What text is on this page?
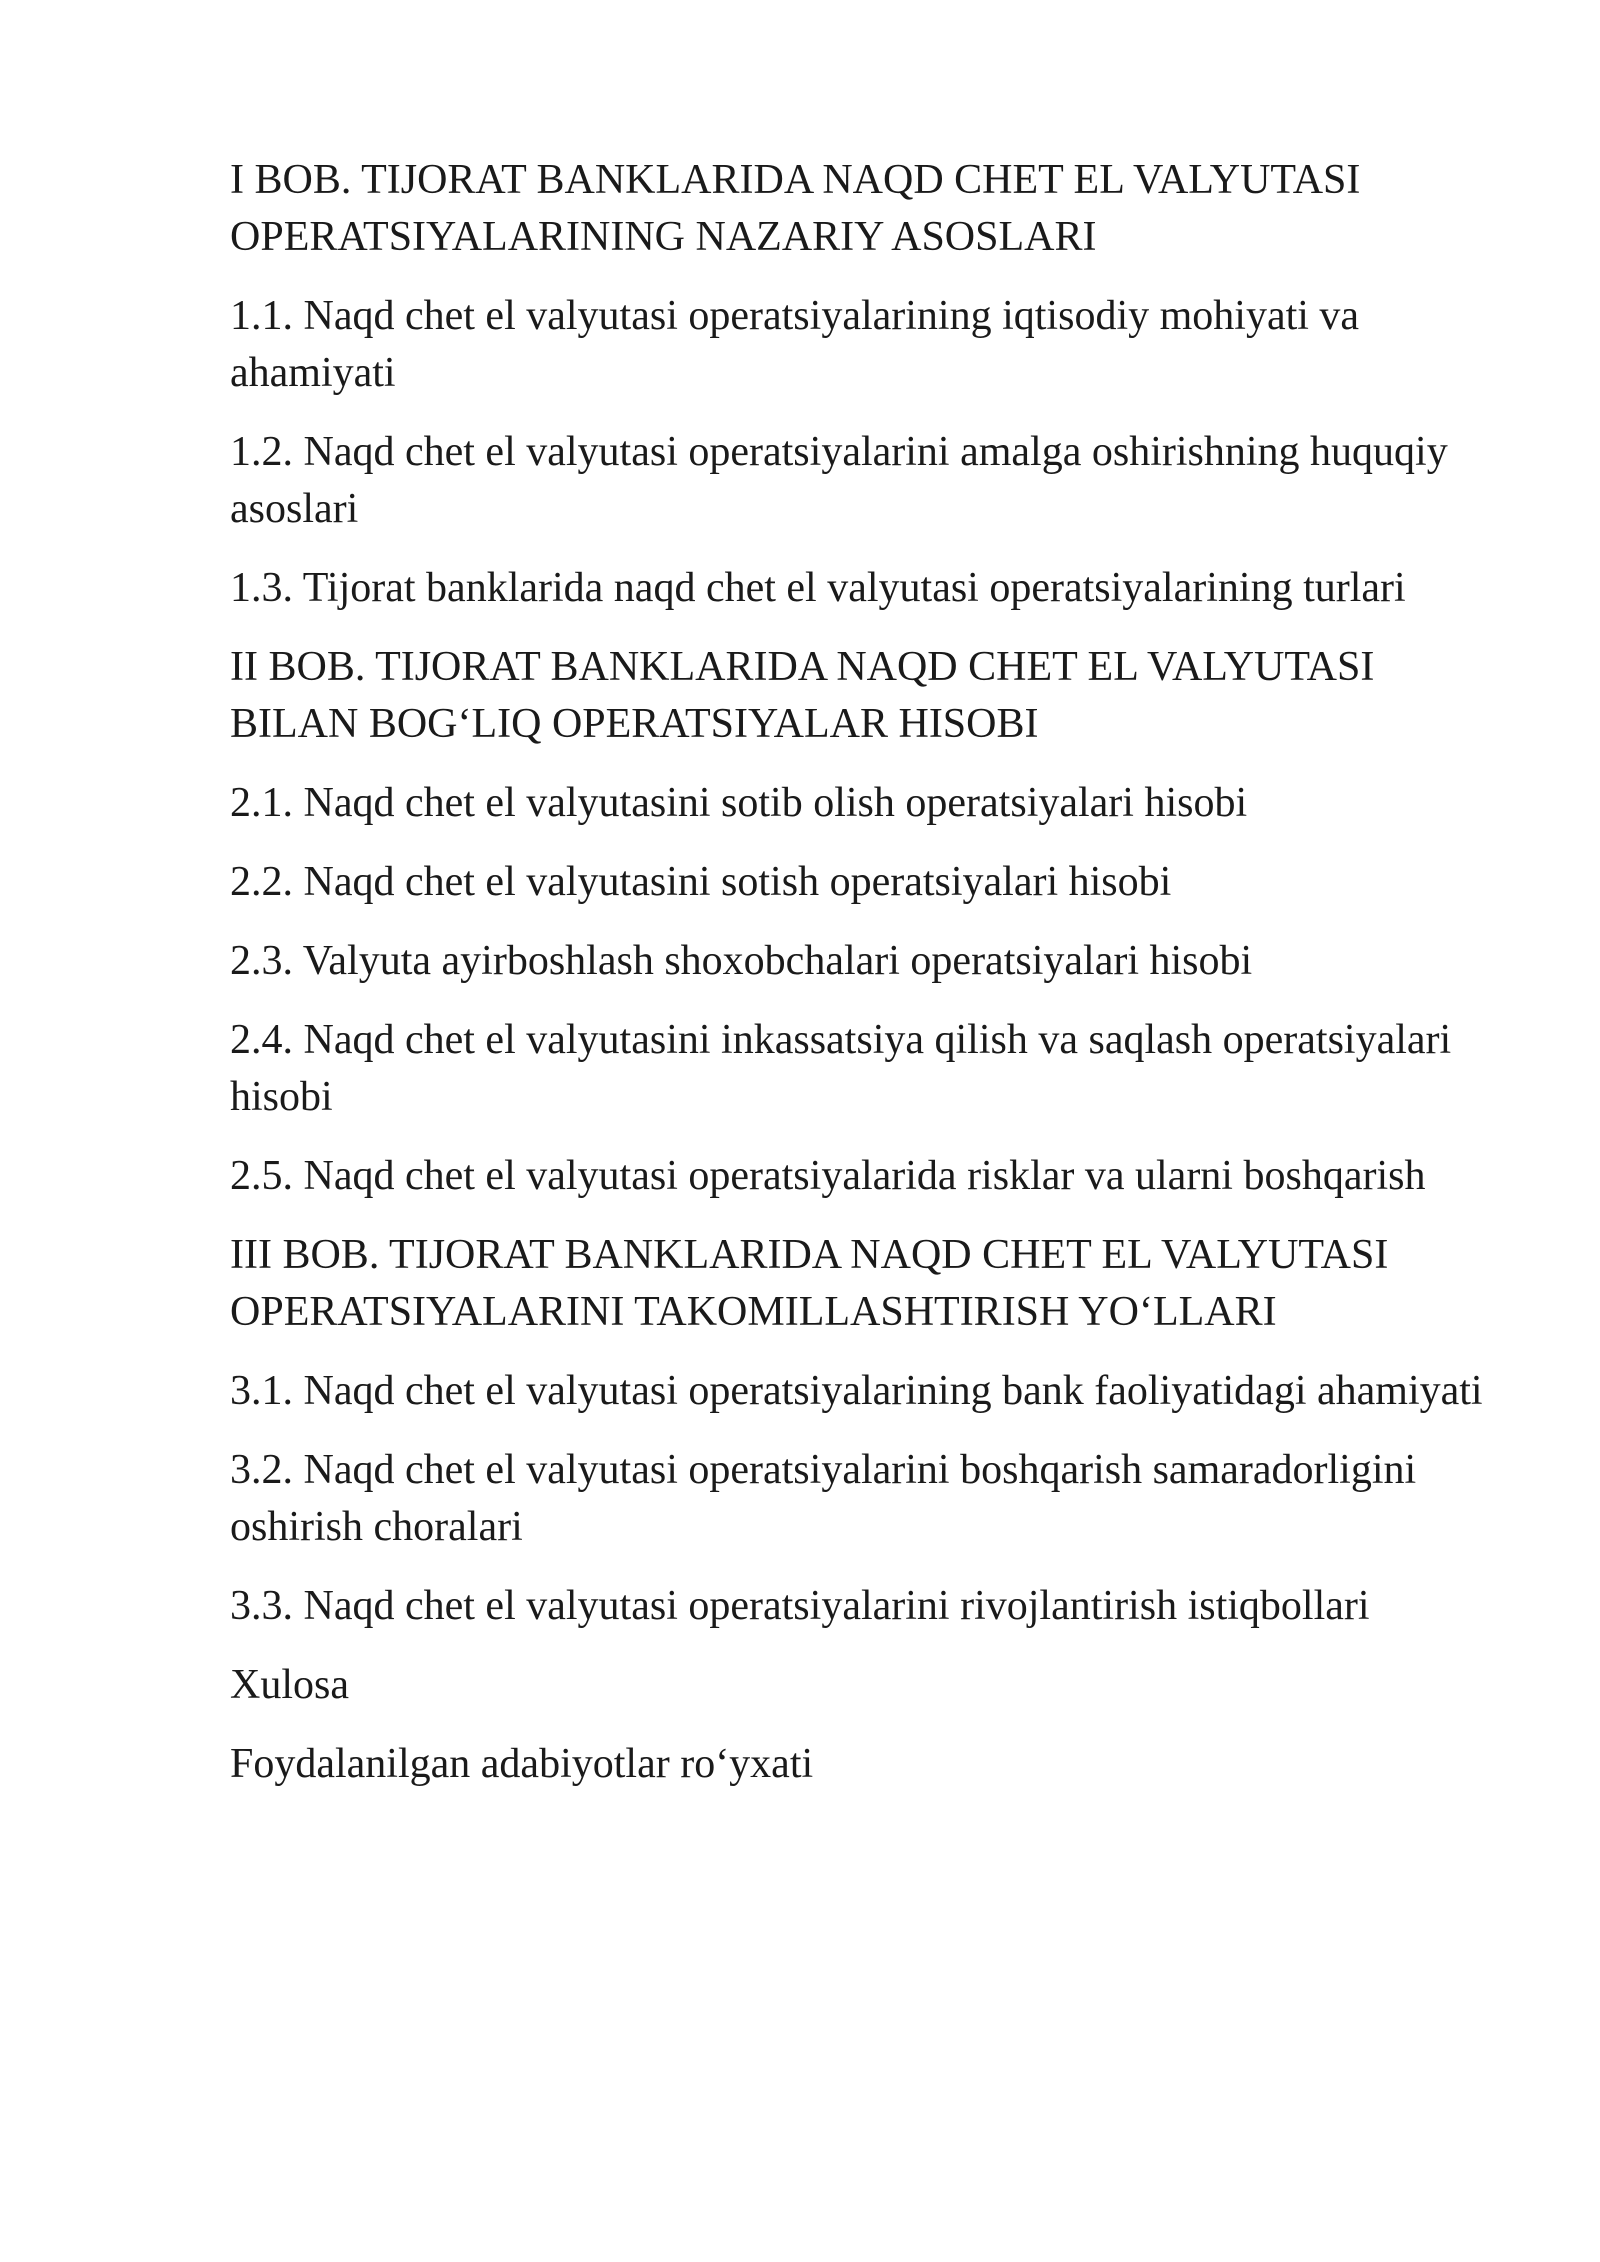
I BOB. TIJORAT BANKLARIDA NAQD CHET EL VALYUTASI OPERATSIYALARINING NAZARIY ASOSLARI
1.1. Naqd chet el valyutasi operatsiyalarining iqtisodiy mohiyati va ahamiyati
1.2. Naqd chet el valyutasi operatsiyalarini amalga oshirishning huquqiy asoslari
1.3. Tijorat banklarida naqd chet el valyutasi operatsiyalarining turlari
II BOB. TIJORAT BANKLARIDA NAQD CHET EL VALYUTASI BILAN BOG‘LIQ OPERATSIYALAR HISOBI
2.1. Naqd chet el valyutasini sotib olish operatsiyalari hisobi
2.2. Naqd chet el valyutasini sotish operatsiyalari hisobi
2.3. Valyuta ayirboshlash shoxobchalari operatsiyalari hisobi
2.4. Naqd chet el valyutasini inkassatsiya qilish va saqlash operatsiyalari hisobi
2.5. Naqd chet el valyutasi operatsiyalarida risklar va ularni boshqarish
III BOB. TIJORAT BANKLARIDA NAQD CHET EL VALYUTASI OPERATSIYALARINI TAKOMILLASHTIRISH YO‘LLARI
3.1. Naqd chet el valyutasi operatsiyalarining bank faoliyatidagi ahamiyati
3.2. Naqd chet el valyutasi operatsiyalarini boshqarish samaradorligini oshirish choralari
3.3. Naqd chet el valyutasi operatsiyalarini rivojlantirish istiqbollari
Xulosa
Foydalanilgan adabiyotlar ro‘yxati
